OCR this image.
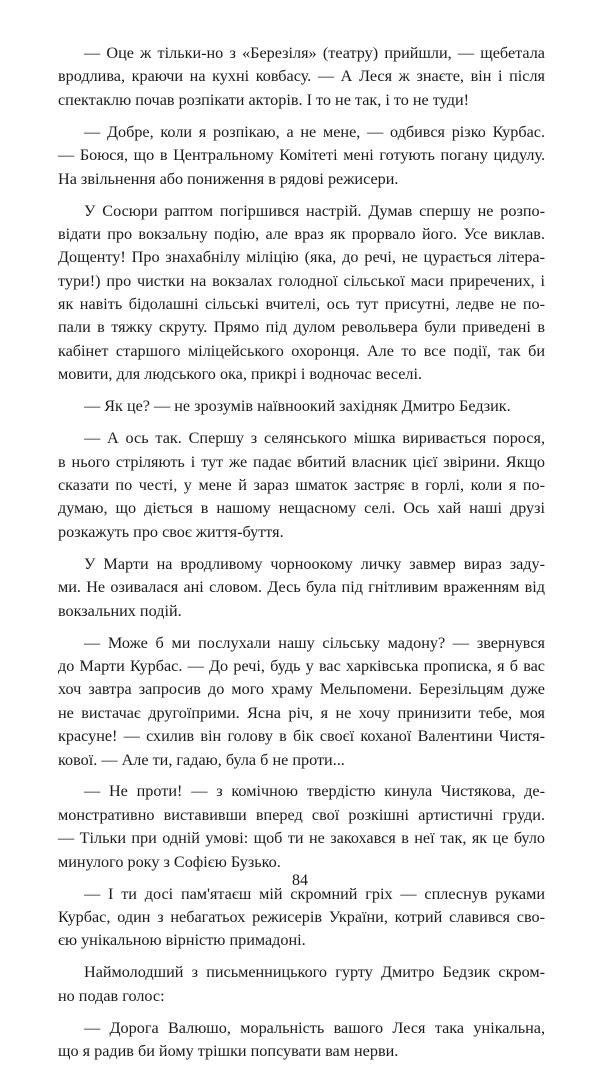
— Оце ж тільки-но з «Березіля» (театру) прийшли, — щебетала
вродлива, краючи на кухні ковбасу. — А Леся ж знаєте, він і після
спектаклю почав розпікати акторів. І то не так, і то не туди!
— Добре, коли я розпікаю, а не мене, — одбився різко Курбас.
— Боюся, що в Центральному Комітеті мені готують погану цидулу.
На звільнення або пониження в рядові режисери.
У Сосюри раптом погіршився настрій. Думав спершу не розпо-
відати про вокзальну подію, але враз як прорвало його. Усе виклав.
Дощенту! Про знахабнілу міліцію (яка, до речі, не цурається літера-
тури!) про чистки на вокзалах голодної сільської маси приречених, і
як навіть бідолашні сільські вчителі, ось тут присутні, ледве не по-
пали в тяжку скруту. Прямо під дулом револьвера були приведені в
кабінет старшого міліцейського охоронця. Але то все події, так би
мовити, для людського ока, прикрі і водночас веселі.
— Як це? — не зрозумів наївноокий західняк Дмитро Бедзик.
— А ось так. Спершу з селянського мішка виривається порося,
в нього стріляють і тут же падає вбитий власник цієї звірини. Якщо
сказати по честі, у мене й зараз шматок застряє в горлі, коли я по-
думаю, що діється в нашому нещасному селі. Ось хай наші друзі
розкажуть про своє життя-буття.
У Марти на вродливому чорноокому личку завмер вираз заду-
ми. Не озивалася ані словом. Десь була під гнітливим враженням від
вокзальних подій.
— Може б ми послухали нашу сільську мадону? — звернувся
до Марти Курбас. — До речі, будь у вас харківська прописка, я б вас
хоч завтра запросив до мого храму Мельпомени. Березільцям дуже
не вистачає другоїприми. Ясна річ, я не хочу принизити тебе, моя
красуне! — схилив він голову в бік своєї коханої Валентини Чистя-
кової. — Але ти, гадаю, була б не проти...
— Не проти! — з комічною твердістю кинула Чистякова, де-
монстративно виставивши вперед свої розкішні артистичні груди.
— Тільки при одній умові: щоб ти не закохався в неї так, як це було
минулого року з Софією Бузько.
— І ти досі пам'ятаєш мій скромний гріх — сплеснув руками
Курбас, один з небагатьох режисерів України, котрий славився сво-
єю унікальною вірністю примадоні.
Наймолодший з письменницького гурту Дмитро Бедзик скром-
но подав голос:
— Дорога Валюшо, моральність вашого Леся така унікальна,
що я радив би йому трішки попсувати вам нерви.
84
